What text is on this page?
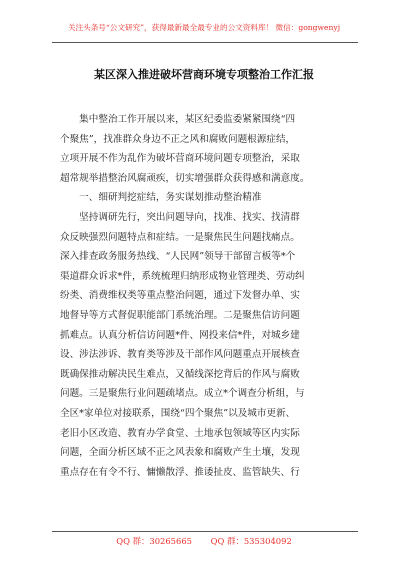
关注头条号“公文研究”，获得最新最全最专业的公文资料库！ 微信：gongwenyj
某区深入推进破坏营商环境专项整治工作汇报
　　集中整治工作开展以来，某区纪委监委紧紧围绕“四
个聚焦”，找准群众身边不正之风和腐败问题根源症结，
立项开展不作为乱作为破坏营商环境问题专项整治，采取
超常规举措整治风腐顽疾，切实增强群众获得感和满意度。
　　一、细研判挖症结，务实谋划推动整治精准
　　坚持调研先行，突出问题导向，找准、找实、找清群
众反映强烈问题特点和症结。一是聚焦民生问题找痛点。
深入排查政务服务热线、“人民网”领导干部留言板等*个
渠道群众诉求*件，系统梳理归纳形成物业管理类、劳动纠
纷类、消费维权类等重点整治问题，通过下发督办单、实
地督导等方式督促职能部门系统治理。二是聚焦信访问题
抓难点。认真分析信访问题*件、网投来信*件，对城乡建
设、涉法涉诉、教育类等涉及干部作风问题重点开展核查
既确保推动解决民生难点，又循线深挖背后的作风与腐败
问题。三是聚焦行业问题疏堵点。成立*个调查分析组，与
全区*家单位对接联系，围绕“四个聚焦”以及城市更新、
老旧小区改造、教育办学食堂、土地承包领域等区内实际
问题，全面分析区域不正之风表象和腐败产生土壤，发现
重点存在有令不行、慵懒散浮、推诿扯皮、监管缺失、行
QQ 群：30265665 QQ 群：535304092
